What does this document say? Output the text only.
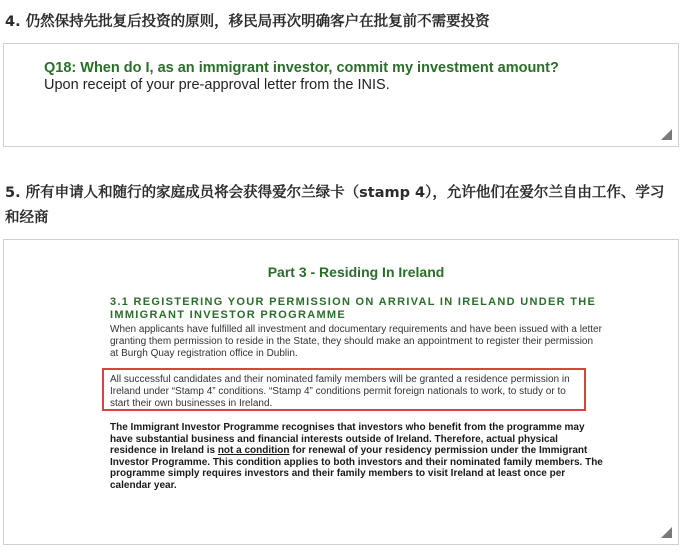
4. 仍然保持先批复后投资的原则，移民局再次明确客户在批复前不需要投资

Q18: When do I, as an immigrant investor, commit my investment amount?

Upon receipt of your pre-approval letter from the INIS.

5. 所有申请人和随行的家庭成员将会获得爱尔兰绿卡（stamp 4），允许他们在爱尔兰自由工作、学习和经商

Part 3 - Residing In Ireland

3.1 REGISTERING YOUR PERMISSION ON ARRIVAL IN IRELAND UNDER THE IMMIGRANT INVESTOR PROGRAMME

When applicants have fulfilled all investment and documentary requirements and have been issued with a letter granting them permission to reside in the State, they should make an appointment to register their permission at Burgh Quay registration office in Dublin.

All successful candidates and their nominated family members will be granted a residence permission in Ireland under “Stamp 4” conditions. “Stamp 4” conditions permit foreign nationals to work, to study or to start their own businesses in Ireland.

The Immigrant Investor Programme recognises that investors who benefit from the programme may have substantial business and financial interests outside of Ireland. Therefore, actual physical residence in Ireland is not a condition for renewal of your residency permission under the Immigrant Investor Programme. This condition applies to both investors and their nominated family members. The programme simply requires investors and their family members to visit Ireland at least once per calendar year.
